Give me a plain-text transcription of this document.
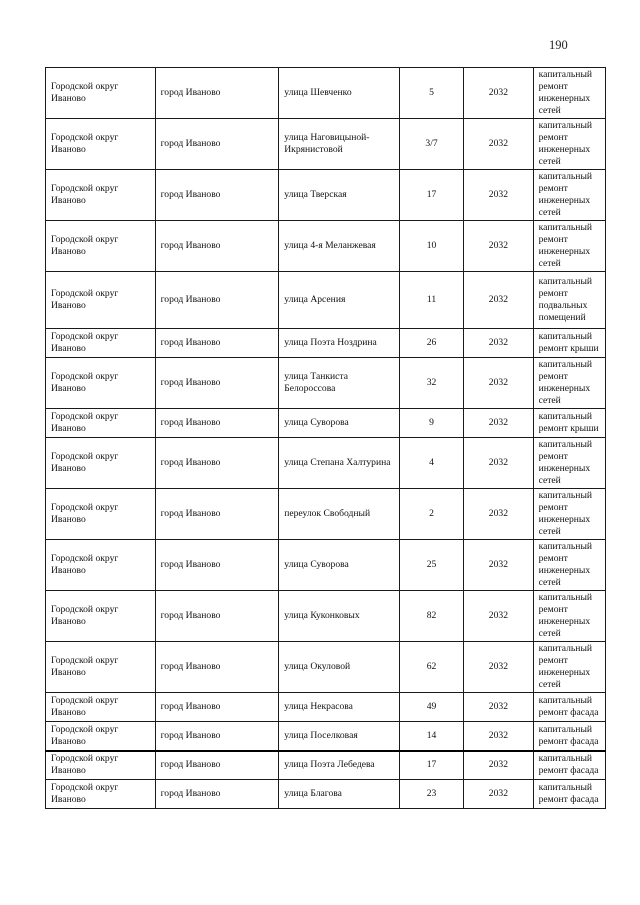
190
Городской округ Иваново	город Иваново	улица Шевченко	5	2032	капитальный ремонт инженерных сетей
Городской округ Иваново	город Иваново	улица Наговицыной-Икрянистовой	3/7	2032	капитальный ремонт инженерных сетей
Городской округ Иваново	город Иваново	улица Тверская	17	2032	капитальный ремонт инженерных сетей
Городской округ Иваново	город Иваново	улица 4-я Меланжевая	10	2032	капитальный ремонт инженерных сетей
Городской округ Иваново	город Иваново	улица Арсения	11	2032	капитальный ремонт подвальных помещений
Городской округ Иваново	город Иваново	улица Поэта Ноздрина	26	2032	капитальный ремонт крыши
Городской округ Иваново	город Иваново	улица Танкиста Белороссова	32	2032	капитальный ремонт инженерных сетей
Городской округ Иваново	город Иваново	улица Суворова	9	2032	капитальный ремонт крыши
Городской округ Иваново	город Иваново	улица Степана Халтурина	4	2032	капитальный ремонт инженерных сетей
Городской округ Иваново	город Иваново	переулок Свободный	2	2032	капитальный ремонт инженерных сетей
Городской округ Иваново	город Иваново	улица Суворова	25	2032	капитальный ремонт инженерных сетей
Городской округ Иваново	город Иваново	улица Куконковых	82	2032	капитальный ремонт инженерных сетей
Городской округ Иваново	город Иваново	улица Окуловой	62	2032	капитальный ремонт инженерных сетей
Городской округ Иваново	город Иваново	улица Некрасова	49	2032	капитальный ремонт фасада
Городской округ Иваново	город Иваново	улица Поселковая	14	2032	капитальный ремонт фасада
Городской округ Иваново	город Иваново	улица Поэта Лебедева	17	2032	капитальный ремонт фасада
Городской округ Иваново	город Иваново	улица Благова	23	2032	капитальный ремонт фасада
